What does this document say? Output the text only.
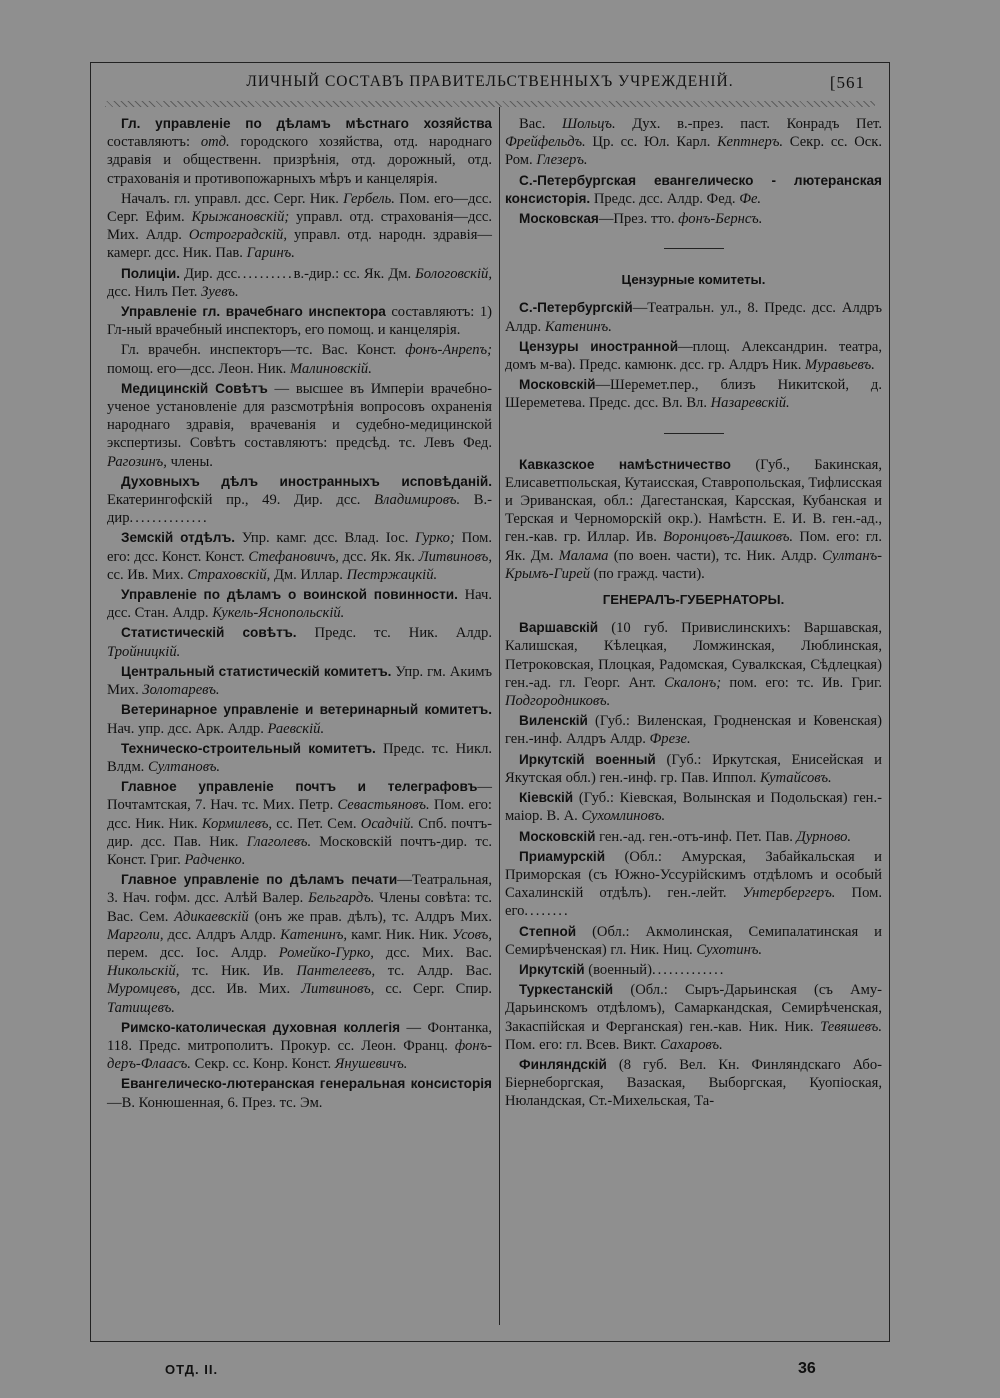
ЛИЧНЫЙ СОСТАВЪ ПРАВИТЕЛЬСТВЕННЫХЪ УЧРЕЖДЕНІЙ.	[561

Гл. управленіе по дѣламъ мѣстнаго хозяйства составляютъ: отд. городского хозяйства, отд. народнаго здравія и общественн. призрѣнія, отд. дорожный, отд. страхованія и противопожарныхъ мѣръ и канцелярія.

Началъ. гл. управл. дсс. Серг. Ник. Гербель. Пом. его—дсс. Серг. Ефим. Крыжановскій; управл. отд. страхованія—дсс. Мих. Алдр. Остроградскій, управл. отд. народн. здравія—камерг. дсс. Ник. Пав. Гаринъ.

Полиціи. Дир. дсс..........в.-дир.: сс. Як. Дм. Бологовскій, дсс. Нилъ Пет. Зуевъ.

Управленіе гл. врачебнаго инспектора составляютъ: 1) Гл-ный врачебный инспекторъ, его помощ. и канцелярія.

Гл. врачебн. инспекторъ—тс. Вас. Конст. фонъ-Анрепъ; помощ. его—дсс. Леон. Ник. Малиновскій.

Медицинскій Совѣтъ — высшее въ Имперіи врачебно-ученое установленіе для разсмотрѣнія вопросовъ охраненія народнаго здравія, врачеванія и судебно-медицинской экспертизы. Совѣтъ составляютъ: предсѣд. тс. Левъ Фед. Рагозинъ, члены.

Духовныхъ дѣлъ иностранныхъ исповѣданій. Екатерингофскій пр., 49. Дир. дсс. Владимировъ. В.-дир..............

Земскій отдѣлъ. Упр. камг. дсс. Влад. Іос. Гурко; Пом. его: дсс. Конст. Конст. Стефановичъ, дсс. Як. Як. Литвиновъ, сс. Ив. Мих. Страховскій, Дм. Иллар. Пестржацкій.

Управленіе по дѣламъ о воинской повинности. Нач. дсс. Стан. Алдр. Кукель-Яснопольскій.

Статистическій совѣтъ. Предс. тс. Ник. Алдр. Тройницкій.

Центральный статистическій комитетъ. Упр. гм. Акимъ Мих. Золотаревъ.

Ветеринарное управленіе и ветеринарный комитетъ. Нач. упр. дсс. Арк. Алдр. Раевскій.

Техническо-строительный комитетъ. Предс. тс. Никл. Влдм. Султановъ.

Главное управленіе почтъ и телеграфовъ—Почтамтская, 7. Нач. тс. Мих. Петр. Севастьяновъ. Пом. его: дсс. Ник. Ник. Кормилевъ, сс. Пет. Сем. Осадчій. Спб. почтъ-дир. дсс. Пав. Ник. Глаголевъ. Московскій почтъ-дир. тс. Конст. Григ. Радченко.

Главное управленіе по дѣламъ печати—Театральная, 3. Нач. гофм. дсс. Алѣй Валер. Бельгардъ. Члены совѣта: тс. Вас. Сем. Адикаевскій (онъ же прав. дѣлъ), тс. Алдръ Мих. Марголи, дсс. Алдръ Алдр. Катенинъ, камг. Ник. Ник. Усовъ, перем. дсс. Іос. Алдр. Ромейко-Гурко, дсс. Мих. Вас. Никольскій, тс. Ник. Ив. Пантелеевъ, тс. Алдр. Вас. Муромцевъ, дсс. Ив. Мих. Литвиновъ, сс. Серг. Спир. Татищевъ.

Римско-католическая духовная коллегія — Фонтанка, 118. Предс. митрополитъ. Прокур. сс. Леон. Франц. фонъ-деръ-Флаасъ. Секр. сс. Конр. Конст. Янушевичъ.

Евангелическо-лютеранская генеральная консисторія—В. Конюшенная, 6. През. тс. Эм.

Вас. Шольцъ. Дух. в.-през. паст. Конрадъ Пет. Фрейфельдъ. Цр. сс. Юл. Карл. Кептнеръ. Секр. сс. Оск. Ром. Глезеръ.

С.-Петербургская евангелическо - лютеранская консисторія. Предс. дсс. Алдр. Фед. Фе.

Московская—През. тто. фонъ-Бернсъ.

Цензурные комитеты.

С.-Петербургскій—Театральн. ул., 8. Предс. дсс. Алдръ Алдр. Катенинъ.

Цензуры иностранной—площ. Александрин. театра, домъ м-ва). Предс. камюнк. дсс. гр. Алдръ Ник. Муравьевъ.

Московскій—Шеремет.пер., близъ Никитской, д. Шереметева. Предс. дсс. Вл. Вл. Назаревскій.

Кавказское намѣстничество (Губ., Бакинская, Елисаветпольская, Кутаисская, Ставропольская, Тифлисская и Эриванская, обл.: Дагестанская, Карсская, Кубанская и Терская и Черноморскій окр.). Намѣстн. Е. И. В. ген.-ад., ген.-кав. гр. Иллар. Ив. Воронцовъ-Дашковъ. Пом. его: гл. Як. Дм. Малама (по воен. части), тс. Ник. Алдр. Султанъ-Крымъ-Гирей (по гражд. части).

ГЕНЕРАЛЪ-ГУБЕРНАТОРЫ.

Варшавскій (10 губ. Привислинскихъ: Варшавская, Калишская, Кѣлецкая, Ломжинская, Люблинская, Петроковская, Плоцкая, Радомская, Сувалкская, Сѣдлецкая) ген.-ад. гл. Георг. Ант. Скалонъ; пом. его: тс. Ив. Григ. Подгородниковъ.

Виленскій (Губ.: Виленская, Гродненская и Ковенская) ген.-инф. Алдръ Алдр. Фрезе.

Иркутскій военный (Губ.: Иркутская, Енисейская и Якутская обл.) ген.-инф. гр. Пав. Иппол. Кутайсовъ.

Кіевскій (Губ.: Кіевская, Волынская и Подольская) ген.-маіор. В. А. Сухомлиновъ.

Московскій ген.-ад. ген.-отъ-инф. Пет. Пав. Дурново.

Приамурскій (Обл.: Амурская, Забайкальская и Приморская (съ Южно-Уссурійскимъ отдѣломъ и особый Сахалинскій отдѣлъ). ген.-лейт. Унтербергеръ. Пом. его........

Степной (Обл.: Акмолинская, Семипалатинская и Семирѣченская) гл. Ник. Ниц. Сухотинъ.

Иркутскій (военный).............

Туркестанскій (Обл.: Сыръ-Дарьинская (съ Аму-Дарьинскомъ отдѣломъ), Самаркандская, Семирѣченская, Закаспійская и Ферганская) ген.-кав. Ник. Ник. Тевяшевъ. Пом. его: гл. Всев. Викт. Сахаровъ.

Финляндскій (8 губ. Вел. Кн. Финляндскаго Або-Біернеборгская, Вазаская, Выборгская, Куопіоская, Нюландская, Ст.-Михельская, Та-

ОТД. II.	36
